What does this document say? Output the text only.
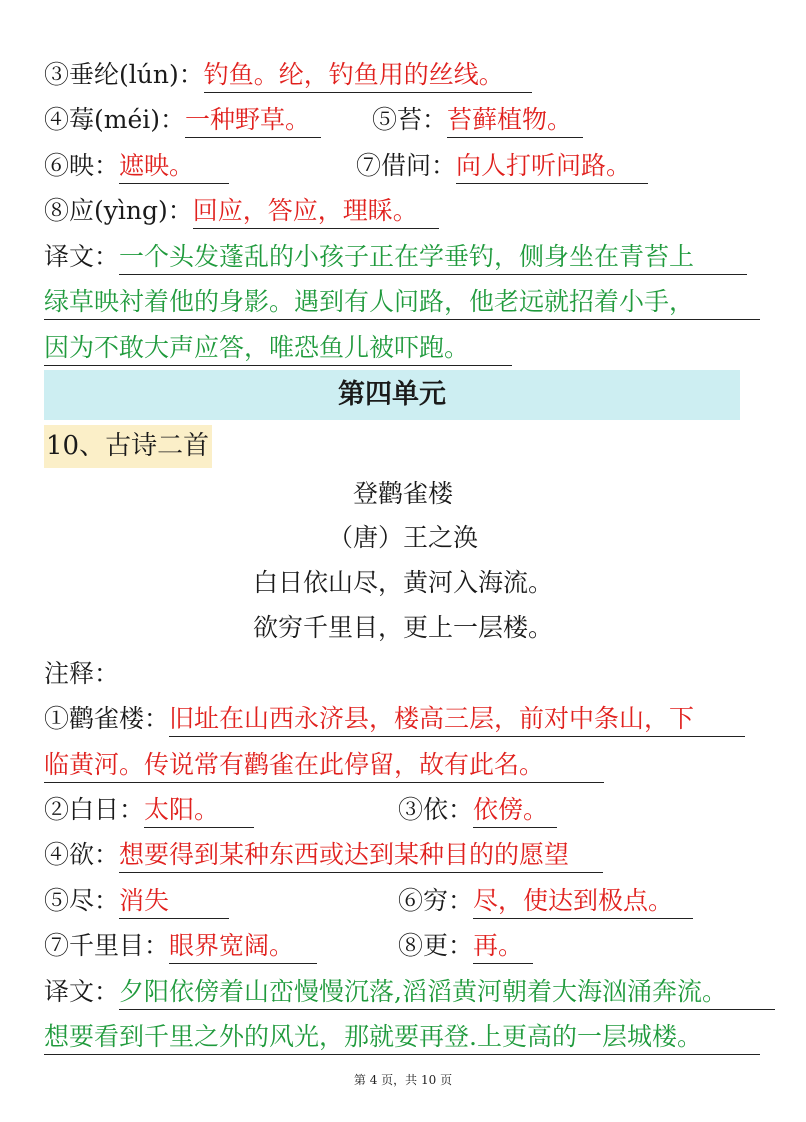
③垂纶(lún)：钓鱼。纶，钓鱼用的丝线。
④莓(méi)：一种野草。	⑤苔：苔藓植物。
⑥映：遮映。	⑦借问：向人打听问路。
⑧应(yìng)：回应，答应，理睬。
译文：一个头发蓬乱的小孩子正在学垂钓，侧身坐在青苔上
绿草映衬着他的身影。遇到有人问路，他老远就招着小手，
因为不敢大声应答，唯恐鱼儿被吓跑。
第四单元
10、古诗二首
登鹳雀楼
（唐）王之涣
白日依山尽，黄河入海流。
欲穷千里目，更上一层楼。
注释：
①鹳雀楼：旧址在山西永济县，楼高三层，前对中条山，下
临黄河。传说常有鹳雀在此停留，故有此名。
②白日：太阳。	③依：依傍。
④欲：想要得到某种东西或达到某种目的的愿望
⑤尽：消失	⑥穷：尽，使达到极点。
⑦千里目：眼界宽阔。	⑧更：再。
译文：夕阳依傍着山峦慢慢沉落,滔滔黄河朝着大海汹涌奔流。
想要看到千里之外的风光，那就要再登.上更高的一层城楼。
第 4 页，共 10 页
